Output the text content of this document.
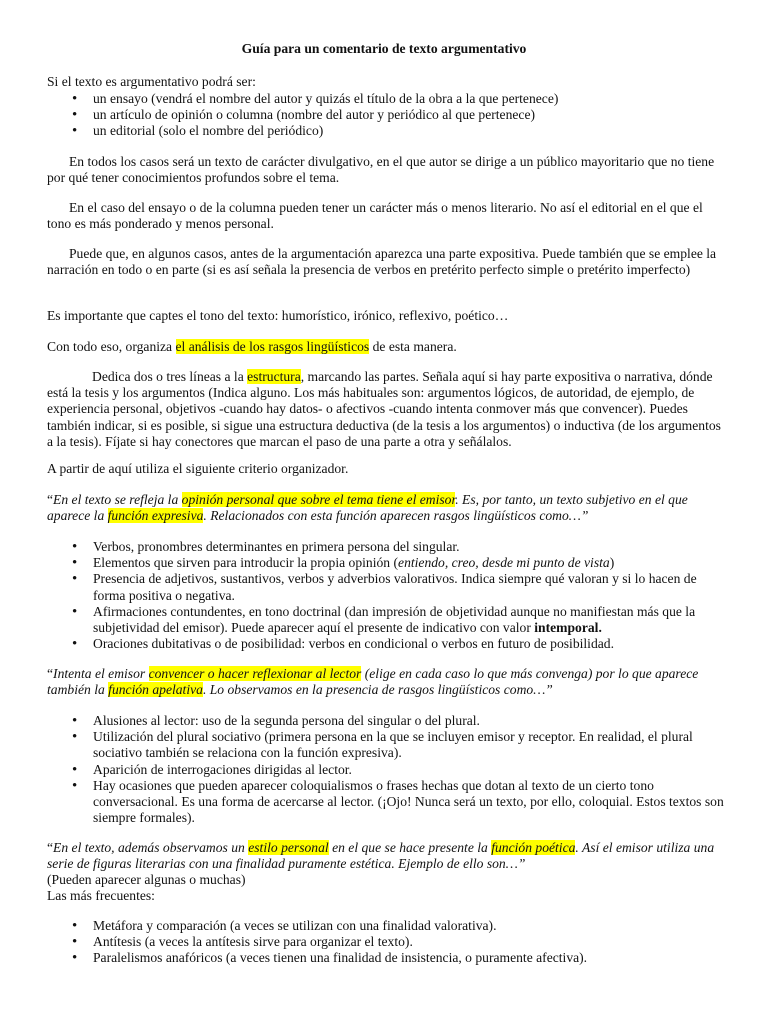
Guía para un comentario de texto argumentativo

Si el texto es argumentativo podrá ser:

• un ensayo (vendrá el nombre del autor y quizás el título de la obra a la que pertenece)
• un artículo de opinión o columna (nombre del autor y periódico al que pertenece)
• un editorial (solo el nombre del periódico)

En todos los casos será un texto de carácter divulgativo, en el que autor se dirige a un público mayoritario que no tiene por qué tener conocimientos profundos sobre el tema.

En el caso del ensayo o de la columna pueden tener un carácter más o menos literario. No así el editorial en el que el tono es más ponderado y menos personal.

Puede que, en algunos casos, antes de la argumentación aparezca una parte expositiva. Puede también que se emplee la narración en todo o en parte (si es así señala la presencia de verbos en pretérito perfecto simple o pretérito imperfecto)

Es importante que captes el tono del texto: humorístico, irónico, reflexivo, poético…

Con todo eso, organiza el análisis de los rasgos lingüísticos de esta manera.

Dedica dos o tres líneas a la estructura, marcando las partes. Señala aquí si hay parte expositiva o narrativa, dónde está la tesis y los argumentos (Indica alguno. Los más habituales son: argumentos lógicos, de autoridad, de ejemplo, de experiencia personal, objetivos -cuando hay datos- o afectivos -cuando intenta conmover más que convencer). Puedes también indicar, si es posible, si sigue una estructura deductiva (de la tesis a los argumentos) o inductiva (de los argumentos a la tesis). Fíjate si hay conectores que marcan el paso de una parte a otra y señálalos.

A partir de aquí utiliza el siguiente criterio organizador.

“En el texto se refleja la opinión personal que sobre el tema tiene el emisor. Es, por tanto, un texto subjetivo en el que aparece la función expresiva. Relacionados con esta función aparecen rasgos lingüísticos como…”

• Verbos, pronombres determinantes en primera persona del singular.
• Elementos que sirven para introducir la propia opinión (entiendo, creo, desde mi punto de vista)
• Presencia de adjetivos, sustantivos, verbos y adverbios valorativos. Indica siempre qué valoran y si lo hacen de forma positiva o negativa.
• Afirmaciones contundentes, en tono doctrinal (dan impresión de objetividad aunque no manifiestan más que la subjetividad del emisor). Puede aparecer aquí el presente de indicativo con valor intemporal.
• Oraciones dubitativas o de posibilidad: verbos en condicional o verbos en futuro de posibilidad.

“Intenta el emisor convencer o hacer reflexionar al lector (elige en cada caso lo que más convenga) por lo que aparece también la función apelativa. Lo observamos en la presencia de rasgos lingüísticos como…”

• Alusiones al lector: uso de la segunda persona del singular o del plural.
• Utilización del plural sociativo (primera persona en la que se incluyen emisor y receptor. En realidad, el plural sociativo también se relaciona con la función expresiva).
• Aparición de interrogaciones dirigidas al lector.
• Hay ocasiones que pueden aparecer coloquialismos o frases hechas que dotan al texto de un cierto tono conversacional. Es una forma de acercarse al lector. (¡Ojo! Nunca será un texto, por ello, coloquial. Estos textos son siempre formales).

“En el texto, además observamos un estilo personal en el que se hace presente la función poética. Así el emisor utiliza una serie de figuras literarias con una finalidad puramente estética. Ejemplo de ello son…”

(Pueden aparecer algunas o muchas)

Las más frecuentes:

• Metáfora y comparación (a veces se utilizan con una finalidad valorativa).
• Antítesis (a veces la antítesis sirve para organizar el texto).
• Paralelismos anafóricos (a veces tienen una finalidad de insistencia, o puramente afectiva).
